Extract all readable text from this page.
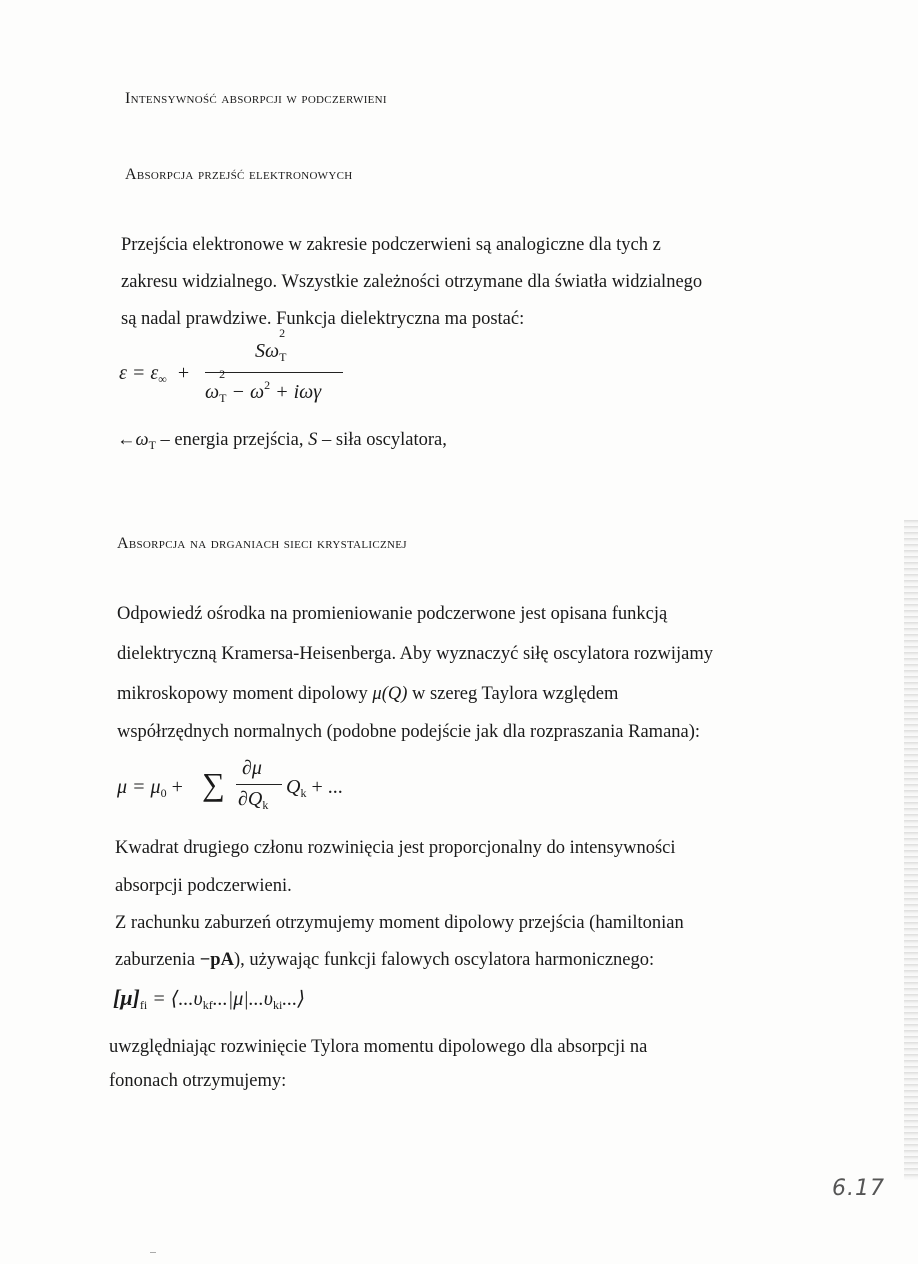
Intensywność absorpcji w podczerwieni
Absorpcja przejść elektronowych
Przejścia elektronowe w zakresie podczerwieni są analogiczne dla tych z
zakresu widzialnego. Wszystkie zależności otrzymane dla światła widzialnego
są nadal prawdziwe. Funkcja dielektryczna ma postać:
$\varepsilon = \varepsilon_\infty$ +
Sω
2
$_T$
ω
2
$_T - \omega^2 + i\omega\gamma$
$\leftarrow\omega_T$ – energia przejścia, S – siła oscylatora,
Absorpcja na drganiach sieci krystalicznej
Odpowiedź ośrodka na promieniowanie podczerwone jest opisana funkcją
dielektryczną Kramersa-Heisenberga. Aby wyznaczyć siłę oscylatora rozwijamy
mikroskopowy moment dipolowy μ(Q) w szereg Taylora względem
współrzędnych normalnych (podobne podejście jak dla rozpraszania Ramana):
$\mu = \mu_0$ + ∑ ∂μ
$\partial Q_k$
$Q_k$ + ...
Kwadrat drugiego członu rozwinięcia jest proporcjonalny do intensywności
absorpcji podczerwieni.
Z rachunku zaburzeń otrzymujemy moment dipolowy przejścia (hamiltonian
zaburzenia −pA), używając funkcji falowych oscylatora harmonicznego:
$[\mu]_{fi}$ = $⟨...\upsilon_{kf}...|\mu|...\upsilon_{ki}...⟩$
uwzględniając rozwinięcie Tylora momentu dipolowego dla absorpcji na
fononach otrzymujemy:
6.17
